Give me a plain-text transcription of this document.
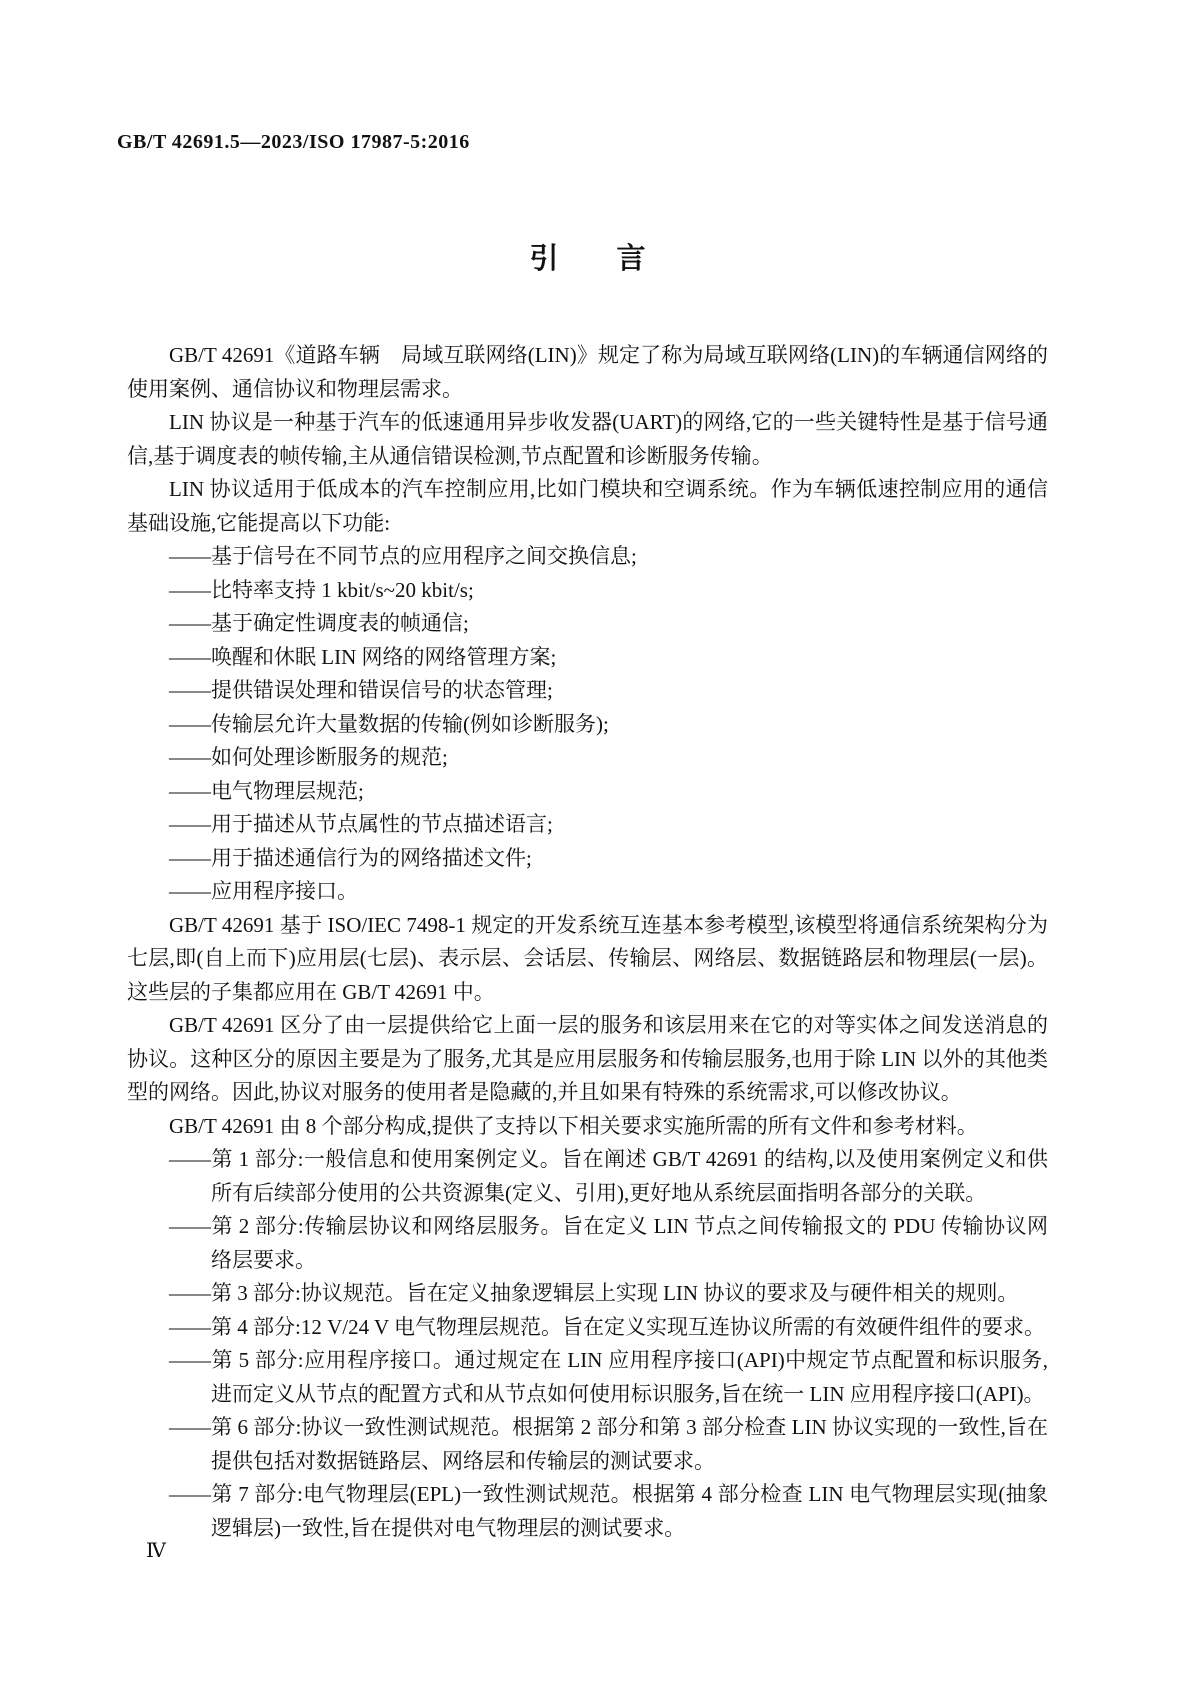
GB/T 42691.5—2023/ISO 17987-5:2016
引　　言
GB/T 42691《道路车辆　局域互联网络(LIN)》规定了称为局域互联网络(LIN)的车辆通信网络的使用案例、通信协议和物理层需求。
LIN 协议是一种基于汽车的低速通用异步收发器(UART)的网络,它的一些关键特性是基于信号通信,基于调度表的帧传输,主从通信错误检测,节点配置和诊断服务传输。
LIN 协议适用于低成本的汽车控制应用,比如门模块和空调系统。作为车辆低速控制应用的通信基础设施,它能提高以下功能:
——基于信号在不同节点的应用程序之间交换信息;
——比特率支持 1 kbit/s~20 kbit/s;
——基于确定性调度表的帧通信;
——唤醒和休眠 LIN 网络的网络管理方案;
——提供错误处理和错误信号的状态管理;
——传输层允许大量数据的传输(例如诊断服务);
——如何处理诊断服务的规范;
——电气物理层规范;
——用于描述从节点属性的节点描述语言;
——用于描述通信行为的网络描述文件;
——应用程序接口。
GB/T 42691 基于 ISO/IEC 7498-1 规定的开发系统互连基本参考模型,该模型将通信系统架构分为七层,即(自上而下)应用层(七层)、表示层、会话层、传输层、网络层、数据链路层和物理层(一层)。这些层的子集都应用在 GB/T 42691 中。
GB/T 42691 区分了由一层提供给它上面一层的服务和该层用来在它的对等实体之间发送消息的协议。这种区分的原因主要是为了服务,尤其是应用层服务和传输层服务,也用于除 LIN 以外的其他类型的网络。因此,协议对服务的使用者是隐藏的,并且如果有特殊的系统需求,可以修改协议。
GB/T 42691 由 8 个部分构成,提供了支持以下相关要求实施所需的所有文件和参考材料。
——第 1 部分:一般信息和使用案例定义。旨在阐述 GB/T 42691 的结构,以及使用案例定义和供所有后续部分使用的公共资源集(定义、引用),更好地从系统层面指明各部分的关联。
——第 2 部分:传输层协议和网络层服务。旨在定义 LIN 节点之间传输报文的 PDU 传输协议网络层要求。
——第 3 部分:协议规范。旨在定义抽象逻辑层上实现 LIN 协议的要求及与硬件相关的规则。
——第 4 部分:12 V/24 V 电气物理层规范。旨在定义实现互连协议所需的有效硬件组件的要求。
——第 5 部分:应用程序接口。通过规定在 LIN 应用程序接口(API)中规定节点配置和标识服务,进而定义从节点的配置方式和从节点如何使用标识服务,旨在统一 LIN 应用程序接口(API)。
——第 6 部分:协议一致性测试规范。根据第 2 部分和第 3 部分检查 LIN 协议实现的一致性,旨在提供包括对数据链路层、网络层和传输层的测试要求。
——第 7 部分:电气物理层(EPL)一致性测试规范。根据第 4 部分检查 LIN 电气物理层实现(抽象逻辑层)一致性,旨在提供对电气物理层的测试要求。
Ⅳ
